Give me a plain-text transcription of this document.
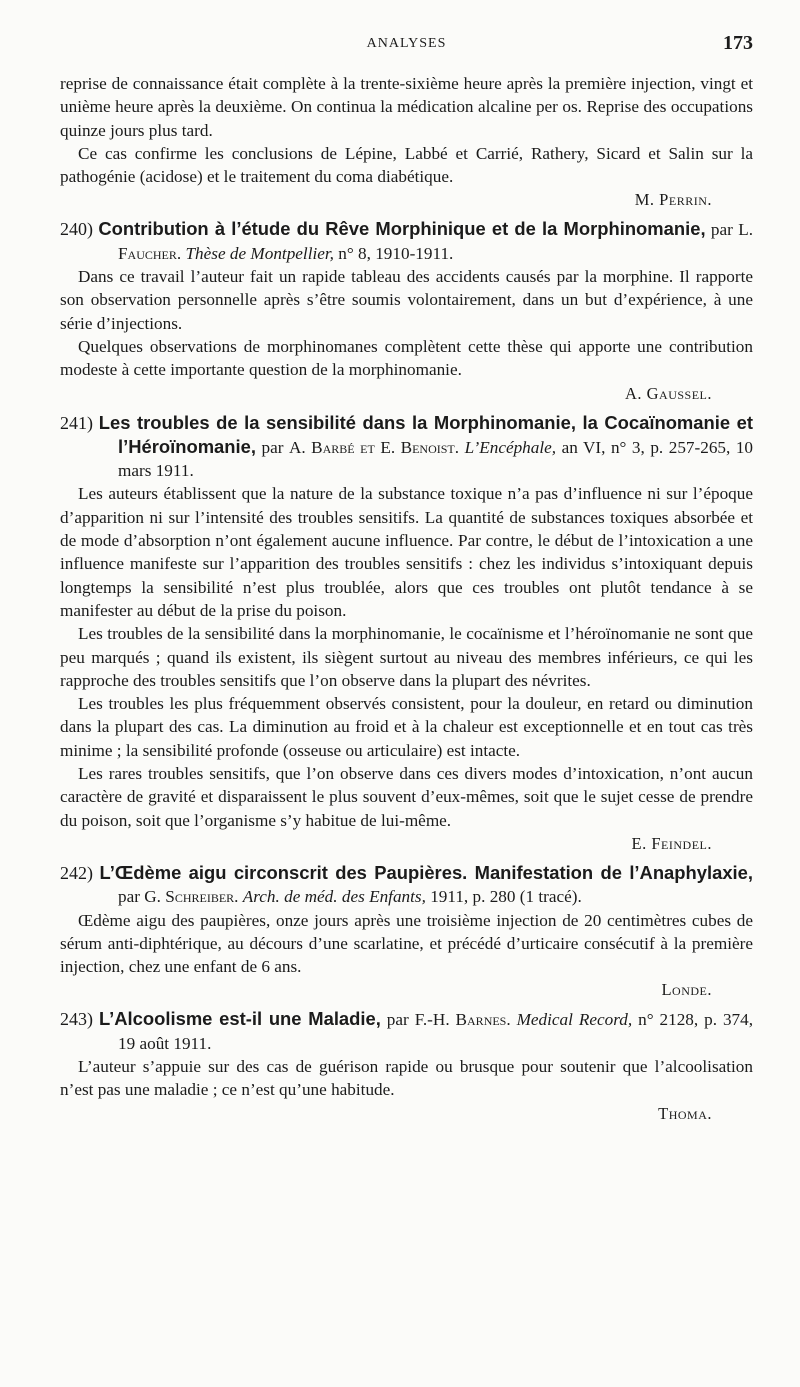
ANALYSES	173

reprise de connaissance était complète à la trente-sixième heure après la première injection, vingt et unième heure après la deuxième. On continua la médication alcaline per os. Reprise des occupations quinze jours plus tard.

Ce cas confirme les conclusions de Lépine, Labbé et Carrié, Rathery, Sicard et Salin sur la pathogénie (acidose) et le traitement du coma diabétique.

M. Perrin.
240) Contribution à l’étude du Rêve Morphinique et de la Morphinomanie, par L. Faucher. Thèse de Montpellier, n° 8, 1910-1911.

Dans ce travail l’auteur fait un rapide tableau des accidents causés par la morphine. Il rapporte son observation personnelle après s’être soumis volontairement, dans un but d’expérience, à une série d’injections.

Quelques observations de morphinomanes complètent cette thèse qui apporte une contribution modeste à cette importante question de la morphinomanie.

A. Gaussel.
241) Les troubles de la sensibilité dans la Morphinomanie, la Cocaïnomanie et l’Héroïnomanie, par A. Barbé et E. Benoist. L’Encéphale, an VI, n° 3, p. 257-265, 10 mars 1911.

Les auteurs établissent que la nature de la substance toxique n’a pas d’influence ni sur l’époque d’apparition ni sur l’intensité des troubles sensitifs. La quantité de substances toxiques absorbée et de mode d’absorption n’ont également aucune influence. Par contre, le début de l’intoxication a une influence manifeste sur l’apparition des troubles sensitifs : chez les individus s’intoxiquant depuis longtemps la sensibilité n’est plus troublée, alors que ces troubles ont plutôt tendance à se manifester au début de la prise du poison.

Les troubles de la sensibilité dans la morphinomanie, le cocaïnisme et l’héroïnomanie ne sont que peu marqués ; quand ils existent, ils siègent surtout au niveau des membres inférieurs, ce qui les rapproche des troubles sensitifs que l’on observe dans la plupart des névrites.

Les troubles les plus fréquemment observés consistent, pour la douleur, en retard ou diminution dans la plupart des cas. La diminution au froid et à la chaleur est exceptionnelle et en tout cas très minime ; la sensibilité profonde (osseuse ou articulaire) est intacte.

Les rares troubles sensitifs, que l’on observe dans ces divers modes d’intoxication, n’ont aucun caractère de gravité et disparaissent le plus souvent d’eux-mêmes, soit que le sujet cesse de prendre du poison, soit que l’organisme s’y habitue de lui-même.

E. Feindel.
242) L’Œdème aigu circonscrit des Paupières. Manifestation de l’Anaphylaxie, par G. Schreiber. Arch. de méd. des Enfants, 1911, p. 280 (1 tracé).

Œdème aigu des paupières, onze jours après une troisième injection de 20 centimètres cubes de sérum anti-diphtérique, au décours d’une scarlatine, et précédé d’urticaire consécutif à la première injection, chez une enfant de 6 ans.

Londe.
243) L’Alcoolisme est-il une Maladie, par F.-H. Barnes. Medical Record, n° 2128, p. 374, 19 août 1911.

L’auteur s’appuie sur des cas de guérison rapide ou brusque pour soutenir que l’alcoolisation n’est pas une maladie ; ce n’est qu’une habitude.

Thoma.
